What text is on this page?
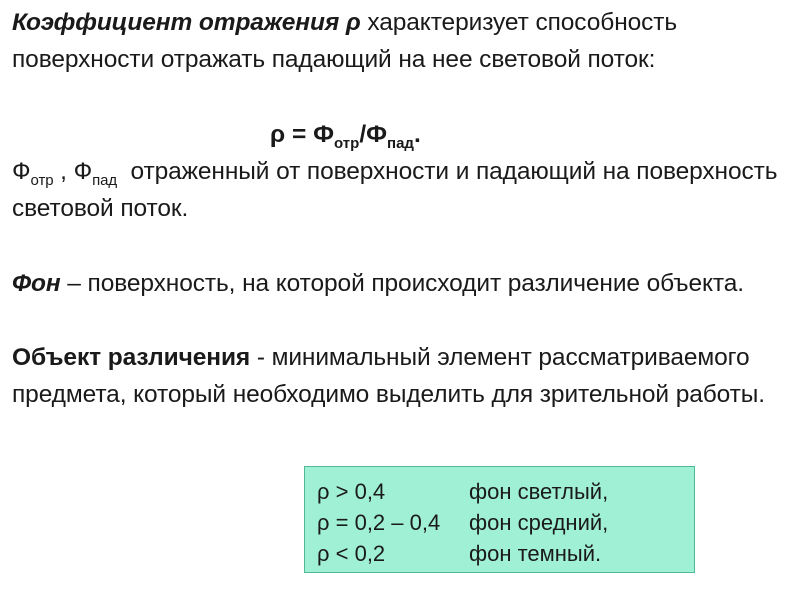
Коэффициент отражения ρ характеризует способность поверхности отражать падающий на нее световой поток:
$\rho = Ф_{отр}/Ф_{пад}$.
$Ф_{отр}$ , $Ф_{пад}$  отраженный от поверхности и падающий на поверхность световой поток.
Фон – поверхность, на которой происходит различение объекта.
Объект различения - минимальный элемент рассматриваемого предмета, который необходимо выделить для зрительной работы.
ρ > 0,4	фон светлый,
ρ = 0,2 – 0,4	фон средний,
ρ < 0,2	фон темный.
